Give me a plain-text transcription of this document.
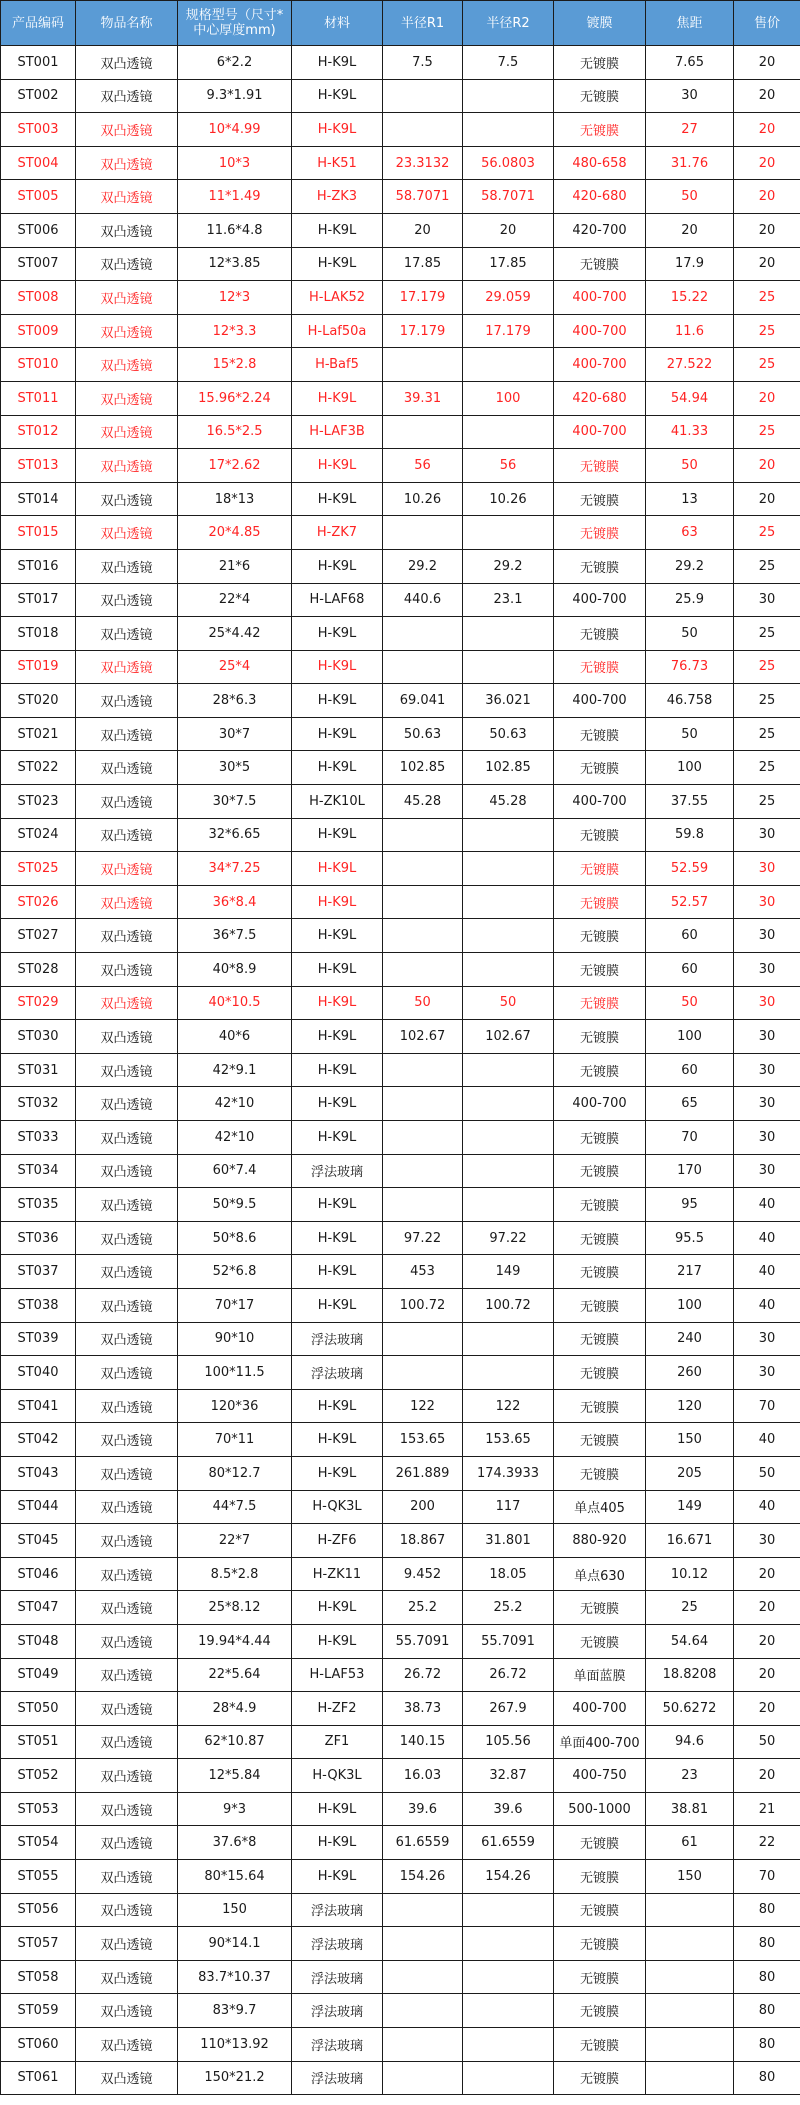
产品编码	物品名称	规格型号（尺寸*中心厚度mm)	材料	半径R1	半径R2	镀膜	焦距	售价
ST001	双凸透镜	6*2.2	H-K9L	7.5	7.5	无镀膜	7.65	20
ST002	双凸透镜	9.3*1.91	H-K9L			无镀膜	30	20
ST003	双凸透镜	10*4.99	H-K9L			无镀膜	27	20
ST004	双凸透镜	10*3	H-K51	23.3132	56.0803	480-658	31.76	20
ST005	双凸透镜	11*1.49	H-ZK3	58.7071	58.7071	420-680	50	20
ST006	双凸透镜	11.6*4.8	H-K9L	20	20	420-700	20	20
ST007	双凸透镜	12*3.85	H-K9L	17.85	17.85	无镀膜	17.9	20
ST008	双凸透镜	12*3	H-LAK52	17.179	29.059	400-700	15.22	25
ST009	双凸透镜	12*3.3	H-Laf50a	17.179	17.179	400-700	11.6	25
ST010	双凸透镜	15*2.8	H-Baf5			400-700	27.522	25
ST011	双凸透镜	15.96*2.24	H-K9L	39.31	100	420-680	54.94	20
ST012	双凸透镜	16.5*2.5	H-LAF3B			400-700	41.33	25
ST013	双凸透镜	17*2.62	H-K9L	56	56	无镀膜	50	20
ST014	双凸透镜	18*13	H-K9L	10.26	10.26	无镀膜	13	20
ST015	双凸透镜	20*4.85	H-ZK7			无镀膜	63	25
ST016	双凸透镜	21*6	H-K9L	29.2	29.2	无镀膜	29.2	25
ST017	双凸透镜	22*4	H-LAF68	440.6	23.1	400-700	25.9	30
ST018	双凸透镜	25*4.42	H-K9L			无镀膜	50	25
ST019	双凸透镜	25*4	H-K9L			无镀膜	76.73	25
ST020	双凸透镜	28*6.3	H-K9L	69.041	36.021	400-700	46.758	25
ST021	双凸透镜	30*7	H-K9L	50.63	50.63	无镀膜	50	25
ST022	双凸透镜	30*5	H-K9L	102.85	102.85	无镀膜	100	25
ST023	双凸透镜	30*7.5	H-ZK10L	45.28	45.28	400-700	37.55	25
ST024	双凸透镜	32*6.65	H-K9L			无镀膜	59.8	30
ST025	双凸透镜	34*7.25	H-K9L			无镀膜	52.59	30
ST026	双凸透镜	36*8.4	H-K9L			无镀膜	52.57	30
ST027	双凸透镜	36*7.5	H-K9L			无镀膜	60	30
ST028	双凸透镜	40*8.9	H-K9L			无镀膜	60	30
ST029	双凸透镜	40*10.5	H-K9L	50	50	无镀膜	50	30
ST030	双凸透镜	40*6	H-K9L	102.67	102.67	无镀膜	100	30
ST031	双凸透镜	42*9.1	H-K9L			无镀膜	60	30
ST032	双凸透镜	42*10	H-K9L			400-700	65	30
ST033	双凸透镜	42*10	H-K9L			无镀膜	70	30
ST034	双凸透镜	60*7.4	浮法玻璃			无镀膜	170	30
ST035	双凸透镜	50*9.5	H-K9L			无镀膜	95	40
ST036	双凸透镜	50*8.6	H-K9L	97.22	97.22	无镀膜	95.5	40
ST037	双凸透镜	52*6.8	H-K9L	453	149	无镀膜	217	40
ST038	双凸透镜	70*17	H-K9L	100.72	100.72	无镀膜	100	40
ST039	双凸透镜	90*10	浮法玻璃			无镀膜	240	30
ST040	双凸透镜	100*11.5	浮法玻璃			无镀膜	260	30
ST041	双凸透镜	120*36	H-K9L	122	122	无镀膜	120	70
ST042	双凸透镜	70*11	H-K9L	153.65	153.65	无镀膜	150	40
ST043	双凸透镜	80*12.7	H-K9L	261.889	174.3933	无镀膜	205	50
ST044	双凸透镜	44*7.5	H-QK3L	200	117	单点405	149	40
ST045	双凸透镜	22*7	H-ZF6	18.867	31.801	880-920	16.671	30
ST046	双凸透镜	8.5*2.8	H-ZK11	9.452	18.05	单点630	10.12	20
ST047	双凸透镜	25*8.12	H-K9L	25.2	25.2	无镀膜	25	20
ST048	双凸透镜	19.94*4.44	H-K9L	55.7091	55.7091	无镀膜	54.64	20
ST049	双凸透镜	22*5.64	H-LAF53	26.72	26.72	单面蓝膜	18.8208	20
ST050	双凸透镜	28*4.9	H-ZF2	38.73	267.9	400-700	50.6272	20
ST051	双凸透镜	62*10.87	ZF1	140.15	105.56	单面400-700	94.6	50
ST052	双凸透镜	12*5.84	H-QK3L	16.03	32.87	400-750	23	20
ST053	双凸透镜	9*3	H-K9L	39.6	39.6	500-1000	38.81	21
ST054	双凸透镜	37.6*8	H-K9L	61.6559	61.6559	无镀膜	61	22
ST055	双凸透镜	80*15.64	H-K9L	154.26	154.26	无镀膜	150	70
ST056	双凸透镜	150	浮法玻璃			无镀膜		80
ST057	双凸透镜	90*14.1	浮法玻璃			无镀膜		80
ST058	双凸透镜	83.7*10.37	浮法玻璃			无镀膜		80
ST059	双凸透镜	83*9.7	浮法玻璃			无镀膜		80
ST060	双凸透镜	110*13.92	浮法玻璃			无镀膜		80
ST061	双凸透镜	150*21.2	浮法玻璃			无镀膜		80
